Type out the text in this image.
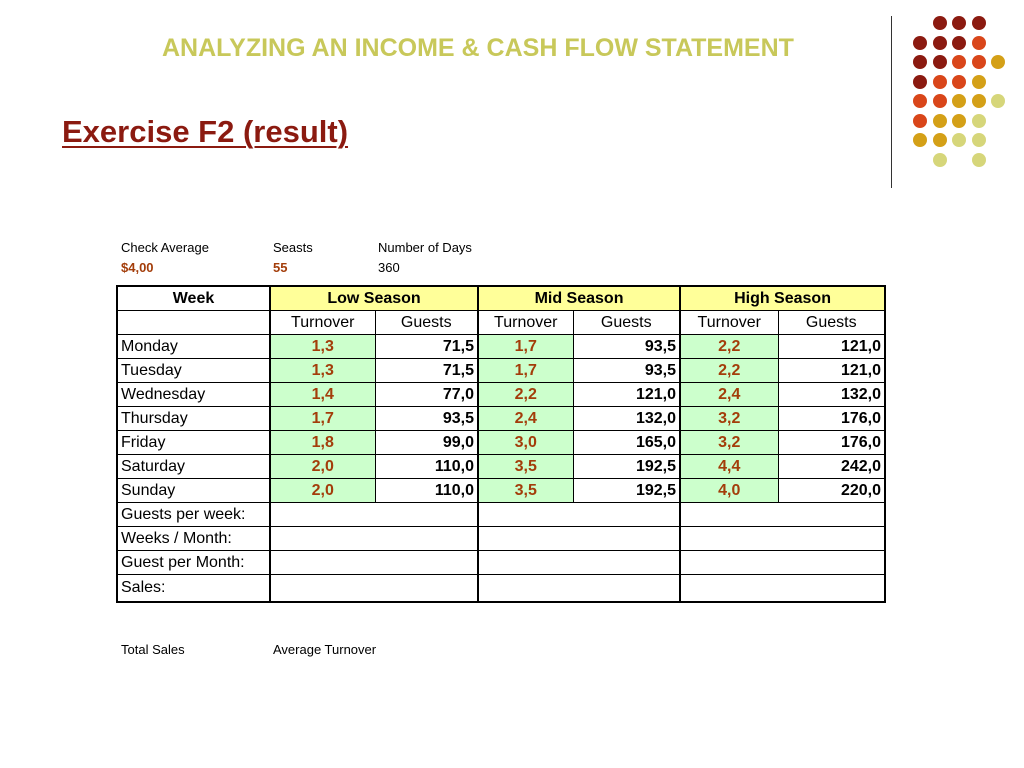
ANALYZING AN INCOME & CASH FLOW STATEMENT
Exercise F2 (result)
Check Average
$4,00
Seasts
55
Number of Days
360
Week	Low Season		Mid Season		High Season	
	Turnover	Guests	Turnover	Guests	Turnover	Guests
Monday	1,3	71,5	1,7	93,5	2,2	121,0
Tuesday	1,3	71,5	1,7	93,5	2,2	121,0
Wednesday	1,4	77,0	2,2	121,0	2,4	132,0
Thursday	1,7	93,5	2,4	132,0	3,2	176,0
Friday	1,8	99,0	3,0	165,0	3,2	176,0
Saturday	2,0	110,0	3,5	192,5	4,4	242,0
Sunday	2,0	110,0	3,5	192,5	4,0	220,0
Guests per week:						
Weeks / Month:						
Guest per Month:						
Sales:						
Total Sales	Average Turnover
